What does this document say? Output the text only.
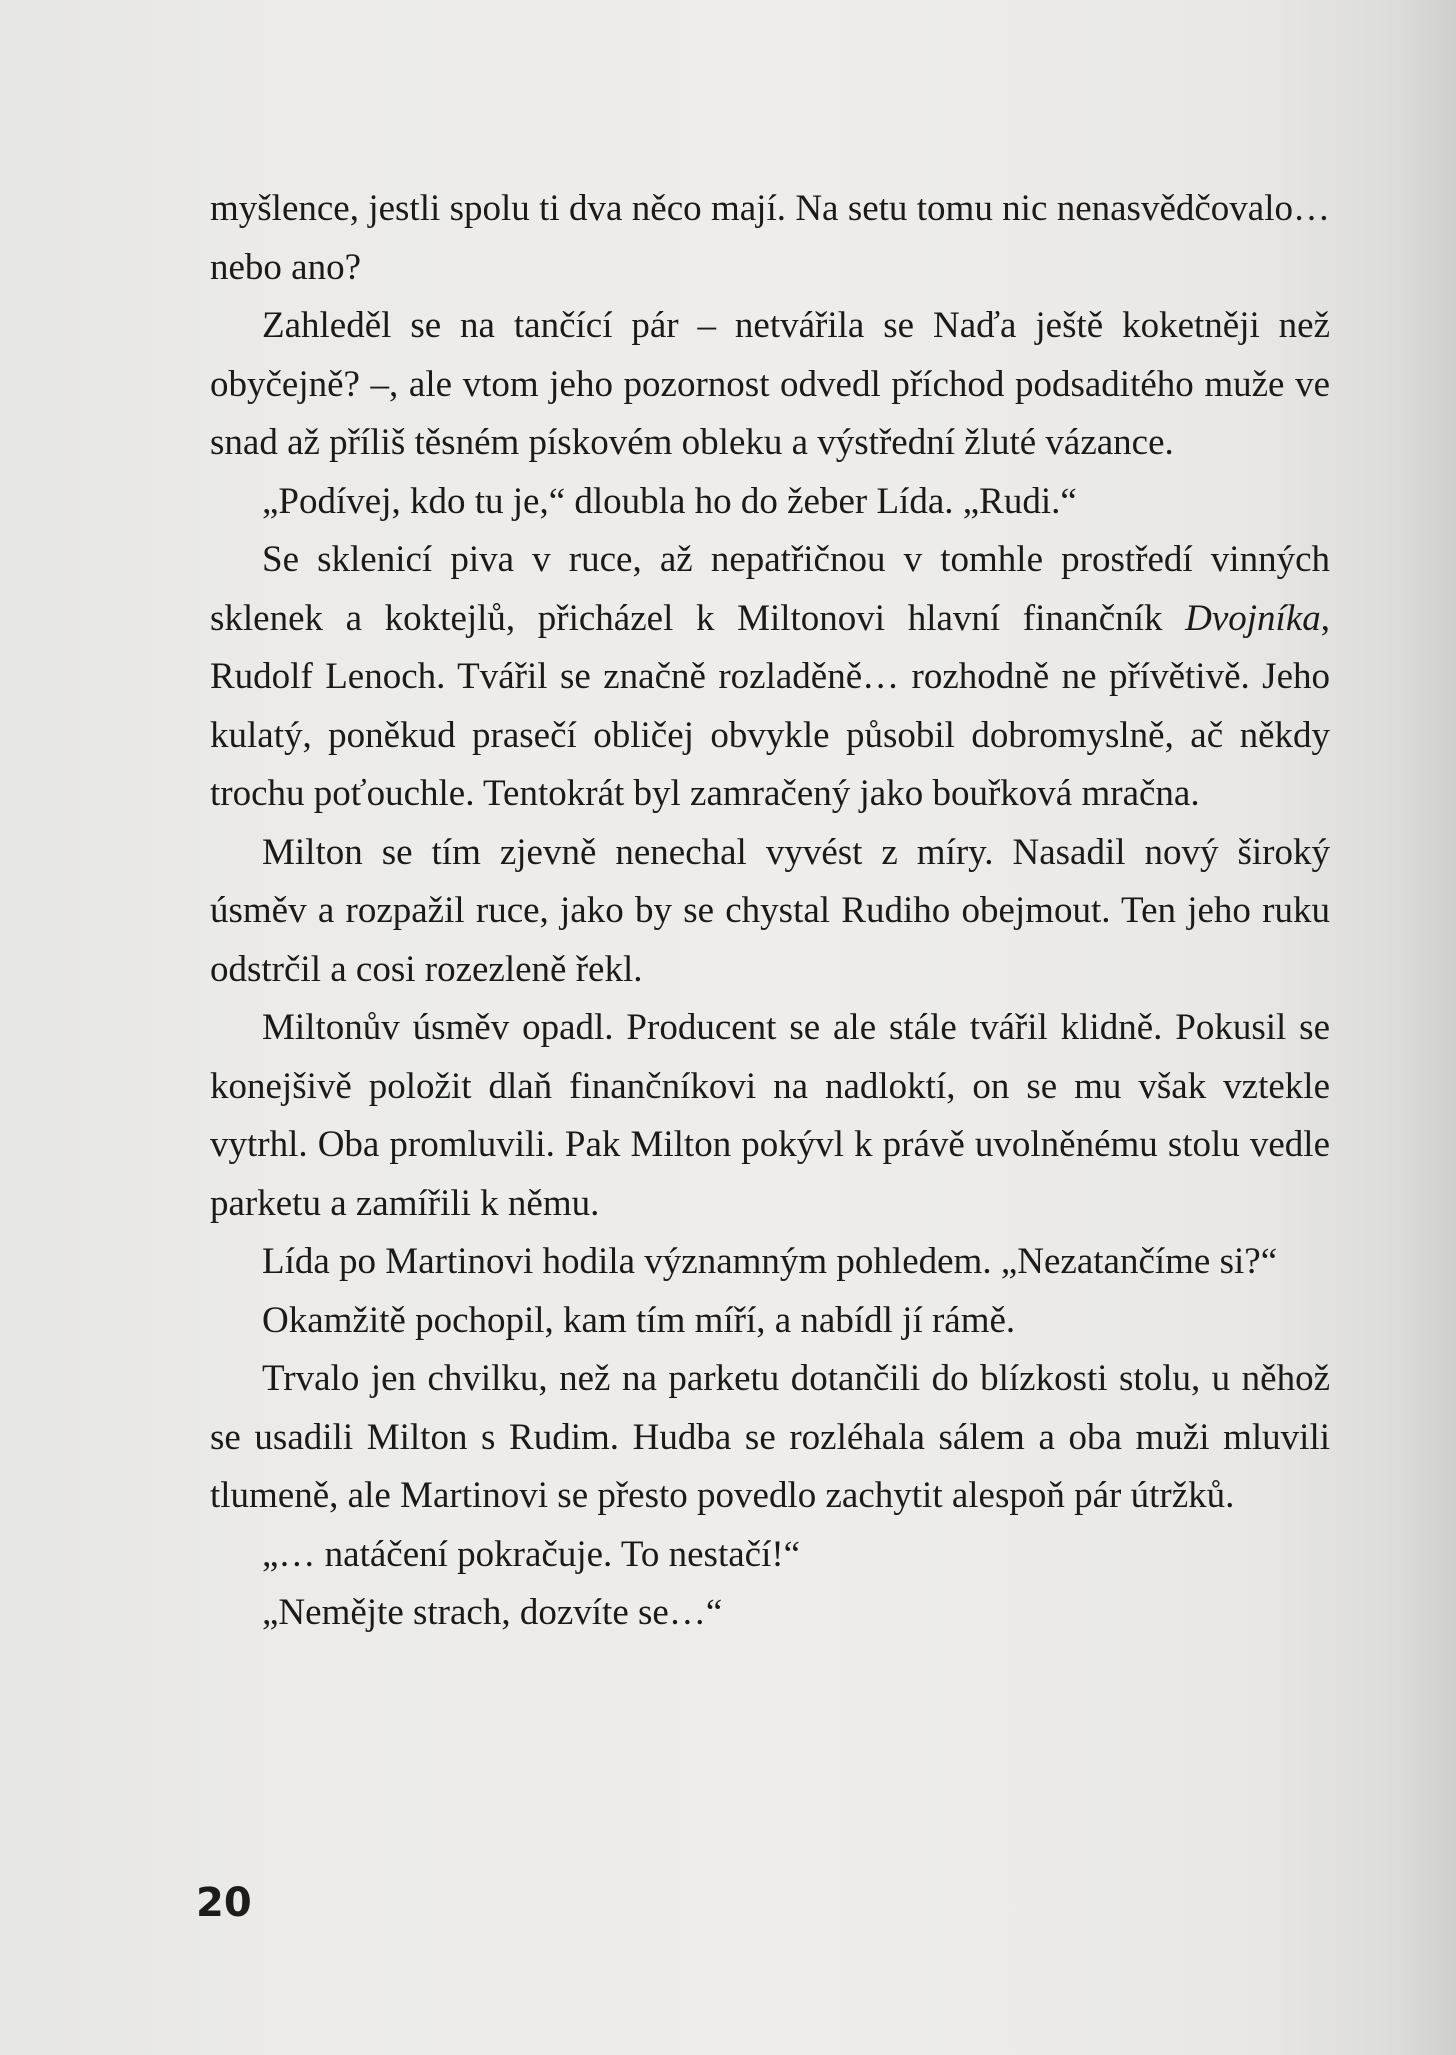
myšlence, jestli spolu ti dva něco mají. Na setu tomu nic nenasvědčovalo… nebo ano?

Zahleděl se na tančící pár – netvářila se Naďa ještě koketněji než obyčejně? –, ale vtom jeho pozornost odvedl příchod podsaditého muže ve snad až příliš těsném pískovém obleku a výstřední žluté vázance.

„Podívej, kdo tu je,“ dloubla ho do žeber Lída. „Rudi.“

Se sklenicí piva v ruce, až nepatřičnou v tomhle prostředí vinných sklenek a koktejlů, přicházel k Miltonovi hlavní finančník Dvojníka, Rudolf Lenoch. Tvářil se značně rozladěně… rozhodně ne přívětivě. Jeho kulatý, poněkud prasečí obličej obvykle působil dobromyslně, ač někdy trochu poťouchle. Tentokrát byl zamračený jako bouřková mračna.

Milton se tím zjevně nenechal vyvést z míry. Nasadil nový široký úsměv a rozpažil ruce, jako by se chystal Rudiho obejmout. Ten jeho ruku odstrčil a cosi rozezleně řekl.

Miltonův úsměv opadl. Producent se ale stále tvářil klidně. Pokusil se konejšivě položit dlaň finančníkovi na nadloktí, on se mu však vztekle vytrhl. Oba promluvili. Pak Milton pokývl k právě uvolněnému stolu vedle parketu a zamířili k němu.

Lída po Martinovi hodila významným pohledem. „Nezatančíme si?“

Okamžitě pochopil, kam tím míří, a nabídl jí rámě.

Trvalo jen chvilku, než na parketu dotančili do blízkosti stolu, u něhož se usadili Milton s Rudim. Hudba se rozléhala sálem a oba muži mluvili tlumeně, ale Martinovi se přesto povedlo zachytit alespoň pár útržků.

„… natáčení pokračuje. To nestačí!“

„Nemějte strach, dozvíte se…“

20
